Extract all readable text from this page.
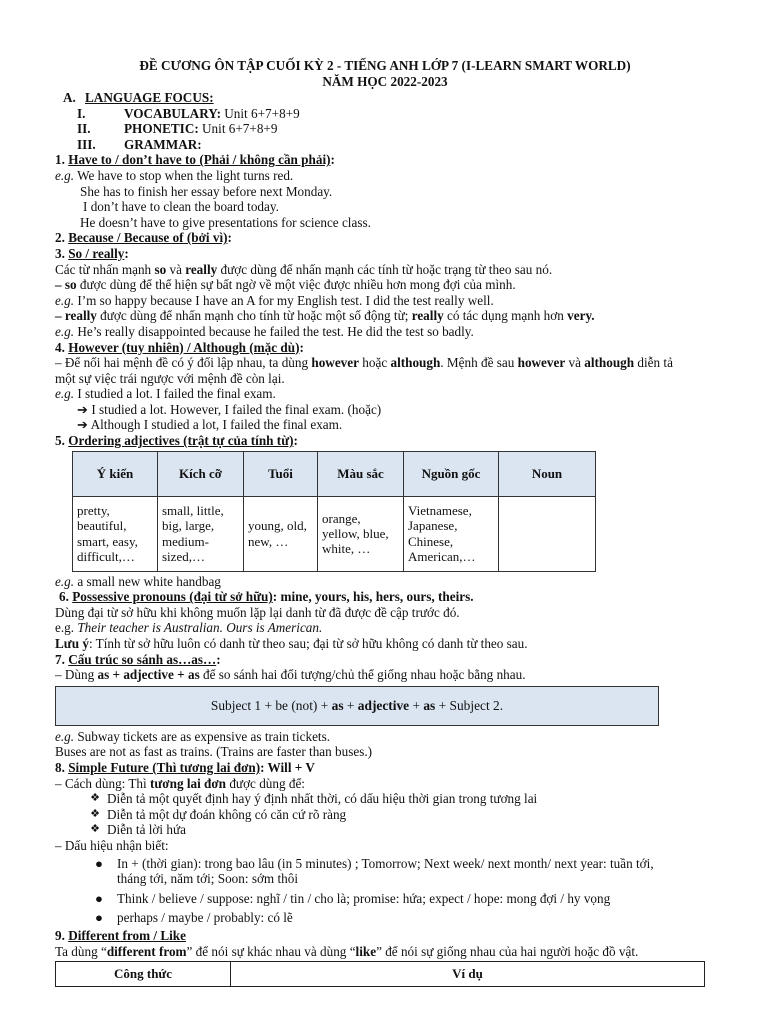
ĐỀ CƯƠNG ÔN TẬP CUỐI KỲ 2 - TIẾNG ANH LỚP 7 (I-LEARN SMART WORLD)
NĂM HỌC 2022-2023
A. LANGUAGE FOCUS:
I.	VOCABULARY: Unit 6+7+8+9
II.	PHONETIC: Unit 6+7+8+9
III.	GRAMMAR:
1. Have to / don’t have to (Phải / không cần phải):
e.g. We have to stop when the light turns red.
She has to finish her essay before next Monday.
I don’t have to clean the board today.
He doesn’t have to give presentations for science class.
2. Because / Because of (bởi vì):
3. So / really:
Các từ nhấn mạnh so và really được dùng để nhấn mạnh các tính từ hoặc trạng từ theo sau nó.
– so được dùng để thể hiện sự bất ngờ về một việc được nhiều hơn mong đợi của mình.
e.g. I’m so happy because I have an A for my English test. I did the test really well.
– really được dùng để nhấn mạnh cho tính từ hoặc một số động từ; really có tác dụng mạnh hơn very.
e.g. He’s really disappointed because he failed the test. He did the test so badly.
4. However (tuy nhiên) / Although (mặc dù):
– Để nối hai mệnh đề có ý đối lập nhau, ta dùng however hoặc although. Mệnh đề sau however và although diễn tả
một sự việc trái ngược với mệnh đề còn lại.
e.g. I studied a lot. I failed the final exam.
➔ I studied a lot. However, I failed the final exam. (hoặc)
➔ Although I studied a lot, I failed the final exam.
5. Ordering adjectives (trật tự của tính từ):
Ý kiến	Kích cỡ	Tuổi	Màu sắc	Nguồn gốc	Noun
pretty, beautiful, smart, easy, difficult,…	small, little, big, large, medium-sized,…	young, old, new, …	orange, yellow, blue, white, …	Vietnamese, Japanese, Chinese, American,…	
e.g. a small new white handbag
6. Possessive pronouns (đại từ sở hữu): mine, yours, his, hers, ours, theirs.
Dùng đại từ sở hữu khi không muốn lặp lại danh từ đã được đề cập trước đó.
e.g. Their teacher is Australian. Ours is American.
Lưu ý: Tính từ sở hữu luôn có danh từ theo sau; đại từ sở hữu không có danh từ theo sau.
7. Cấu trúc so sánh as…as…:
– Dùng as + adjective + as để so sánh hai đối tượng/chủ thể giống nhau hoặc bằng nhau.
Subject 1 + be (not) + as + adjective + as + Subject 2.
e.g. Subway tickets are as expensive as train tickets.
Buses are not as fast as trains. (Trains are faster than buses.)
8. Simple Future (Thì tương lai đơn): Will + V
– Cách dùng: Thì tương lai đơn được dùng để:
❖ Diễn tả một quyết định hay ý định nhất thời, có dấu hiệu thời gian trong tương lai
❖ Diễn tả một dự đoán không có căn cứ rõ ràng
❖ Diễn tả lời hứa
– Dấu hiệu nhận biết:
●	In + (thời gian): trong bao lâu (in 5 minutes) ; Tomorrow; Next week/ next month/ next year: tuần tới,
tháng tới, năm tới; Soon: sớm thôi
●	Think / believe / suppose: nghĩ / tin / cho là; promise: hứa; expect / hope: mong đợi / hy vọng
●	perhaps / maybe / probably: có lẽ
9. Different from / Like
Ta dùng “different from” để nói sự khác nhau và dùng “like” để nói sự giống nhau của hai người hoặc đồ vật.
Công thức	Ví dụ
